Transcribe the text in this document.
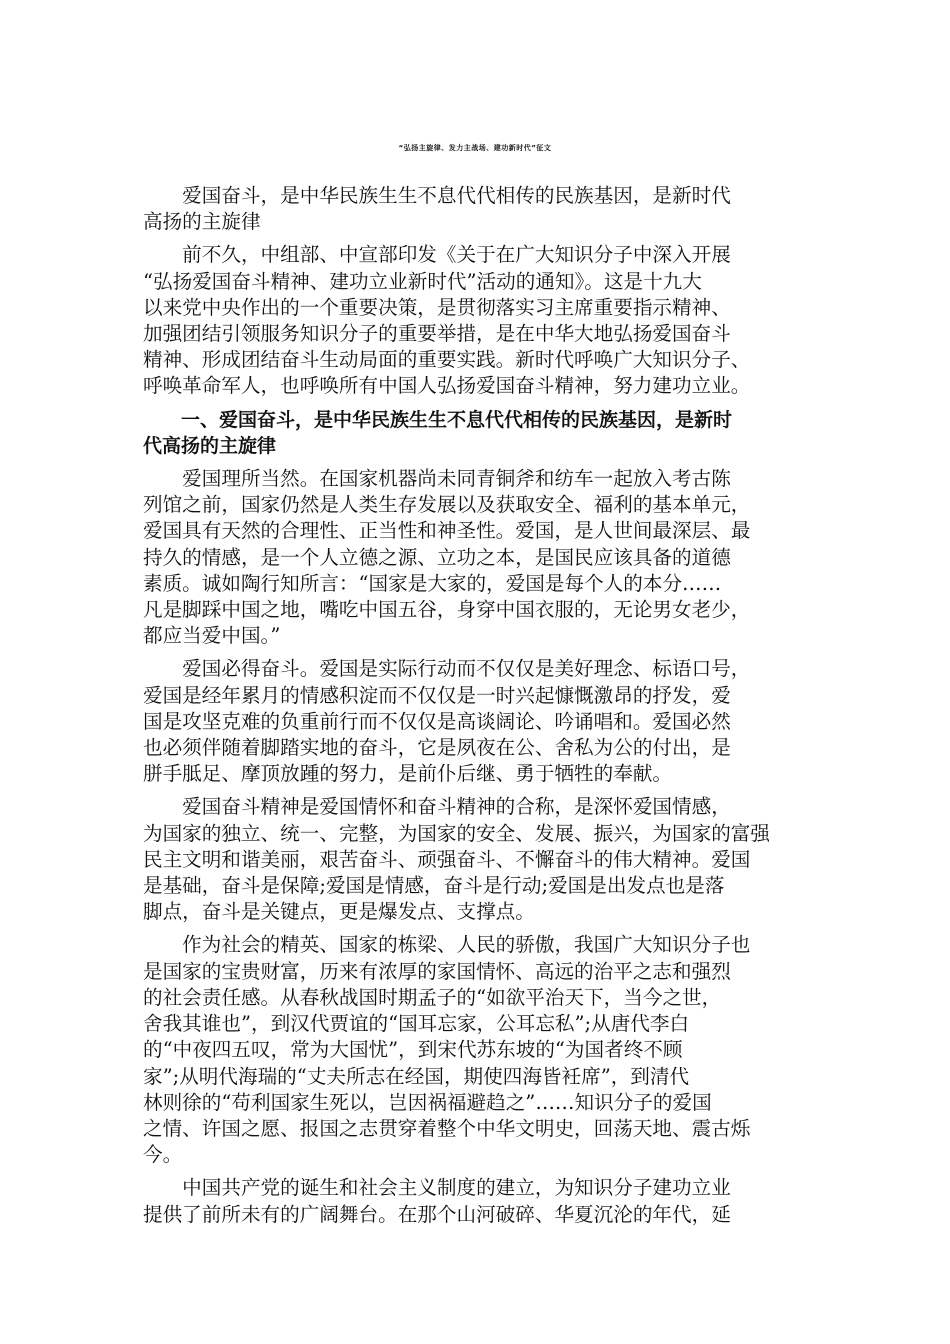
“弘扬主旋律、发力主战场、建功新时代”征文
　　爱国奋斗，是中华民族生生不息代代相传的民族基因，是新时代
高扬的主旋律
　　前不久，中组部、中宣部印发《关于在广大知识分子中深入开展
“弘扬爱国奋斗精神、建功立业新时代”活动的通知》。这是十九大
以来党中央作出的一个重要决策，是贯彻落实习主席重要指示精神、
加强团结引领服务知识分子的重要举措，是在中华大地弘扬爱国奋斗
精神、形成团结奋斗生动局面的重要实践。新时代呼唤广大知识分子、
呼唤革命军人，也呼唤所有中国人弘扬爱国奋斗精神，努力建功立业。
　　一、爱国奋斗，是中华民族生生不息代代相传的民族基因，是新时
代高扬的主旋律
　　爱国理所当然。在国家机器尚未同青铜斧和纺车一起放入考古陈
列馆之前，国家仍然是人类生存发展以及获取安全、福利的基本单元，
爱国具有天然的合理性、正当性和神圣性。爱国，是人世间最深层、最
持久的情感，是一个人立德之源、立功之本，是国民应该具备的道德
素质。诚如陶行知所言：“国家是大家的，爱国是每个人的本分……
凡是脚踩中国之地，嘴吃中国五谷，身穿中国衣服的，无论男女老少，
都应当爱中国。”
　　爱国必得奋斗。爱国是实际行动而不仅仅是美好理念、标语口号，
爱国是经年累月的情感积淀而不仅仅是一时兴起慷慨激昂的抒发，爱
国是攻坚克难的负重前行而不仅仅是高谈阔论、吟诵唱和。爱国必然
也必须伴随着脚踏实地的奋斗，它是夙夜在公、舍私为公的付出，是
胼手胝足、摩顶放踵的努力，是前仆后继、勇于牺牲的奉献。
　　爱国奋斗精神是爱国情怀和奋斗精神的合称，是深怀爱国情感，
为国家的独立、统一、完整，为国家的安全、发展、振兴，为国家的富强
民主文明和谐美丽，艰苦奋斗、顽强奋斗、不懈奋斗的伟大精神。爱国
是基础，奋斗是保障;爱国是情感，奋斗是行动;爱国是出发点也是落
脚点，奋斗是关键点，更是爆发点、支撑点。
　　作为社会的精英、国家的栋梁、人民的骄傲，我国广大知识分子也
是国家的宝贵财富，历来有浓厚的家国情怀、高远的治平之志和强烈
的社会责任感。从春秋战国时期孟子的“如欲平治天下，当今之世，
舍我其谁也”，到汉代贾谊的“国耳忘家，公耳忘私”;从唐代李白
的“中夜四五叹，常为大国忧”，到宋代苏东坡的“为国者终不顾
家”;从明代海瑞的“丈夫所志在经国，期使四海皆衽席”，到清代
林则徐的“苟利国家生死以，岂因祸福避趋之”……知识分子的爱国
之情、许国之愿、报国之志贯穿着整个中华文明史，回荡天地、震古烁
今。
　　中国共产党的诞生和社会主义制度的建立，为知识分子建功立业
提供了前所未有的广阔舞台。在那个山河破碎、华夏沉沦的年代，延
